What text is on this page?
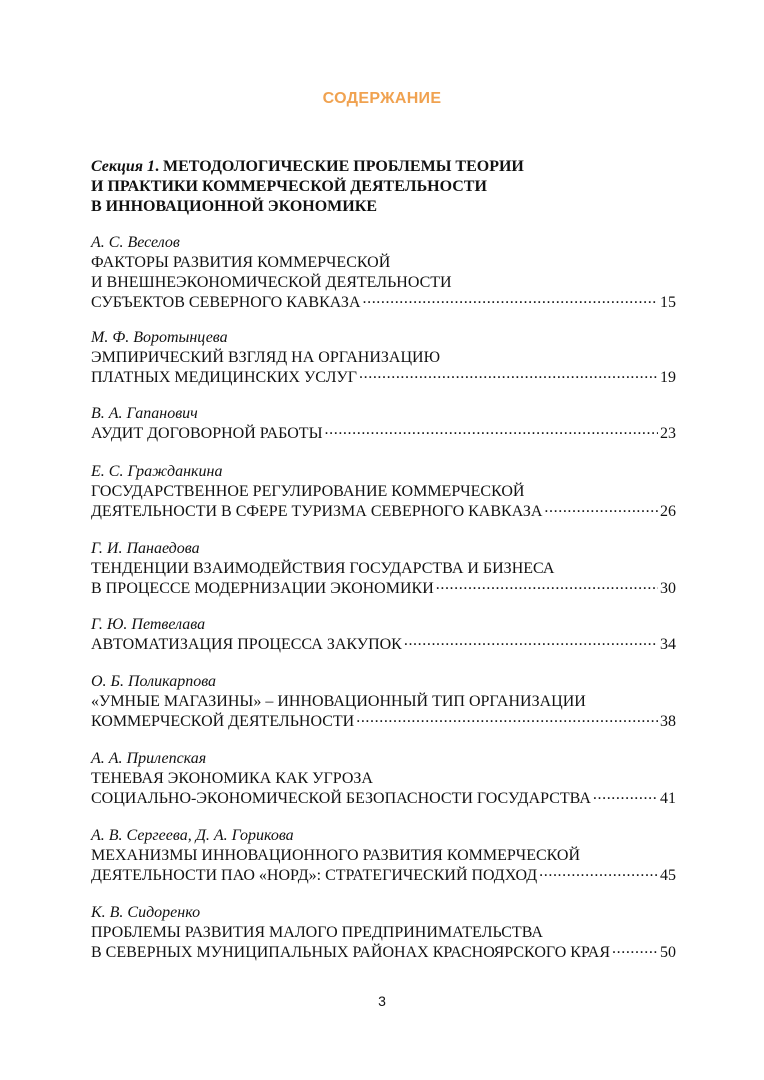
СОДЕРЖАНИЕ
Секция 1. МЕТОДОЛОГИЧЕСКИЕ ПРОБЛЕМЫ ТЕОРИИ
И ПРАКТИКИ КОММЕРЧЕСКОЙ ДЕЯТЕЛЬНОСТИ
В ИННОВАЦИОННОЙ ЭКОНОМИКЕ
А. С. Веселов
ФАКТОРЫ РАЗВИТИЯ КОММЕРЧЕСКОЙ
И ВНЕШНЕЭКОНОМИЧЕСКОЙ ДЕЯТЕЛЬНОСТИ
СУБЪЕКТОВ СЕВЕРНОГО КАВКАЗА .....	15
М. Ф. Воротынцева
ЭМПИРИЧЕСКИЙ ВЗГЛЯД НА ОРГАНИЗАЦИЮ
ПЛАТНЫХ МЕДИЦИНСКИХ УСЛУГ .....	19
В. А. Гапанович
АУДИТ ДОГОВОРНОЙ РАБОТЫ .....	23
Е. С. Гражданкина
ГОСУДАРСТВЕННОЕ РЕГУЛИРОВАНИЕ КОММЕРЧЕСКОЙ
ДЕЯТЕЛЬНОСТИ В СФЕРЕ ТУРИЗМА СЕВЕРНОГО КАВКАЗА .....	26
Г. И. Панаедова
ТЕНДЕНЦИИ ВЗАИМОДЕЙСТВИЯ ГОСУДАРСТВА И БИЗНЕСА
В ПРОЦЕССЕ МОДЕРНИЗАЦИИ ЭКОНОМИКИ .....	30
Г. Ю. Петвелава
АВТОМАТИЗАЦИЯ ПРОЦЕССА ЗАКУПОК .....	34
О. Б. Поликарпова
«УМНЫЕ МАГАЗИНЫ» – ИННОВАЦИОННЫЙ ТИП ОРГАНИЗАЦИИ
КОММЕРЧЕСКОЙ ДЕЯТЕЛЬНОСТИ .....	38
А. А. Прилепская
ТЕНЕВАЯ ЭКОНОМИКА КАК УГРОЗА
СОЦИАЛЬНО-ЭКОНОМИЧЕСКОЙ БЕЗОПАСНОСТИ ГОСУДАРСТВА .....	41
А. В. Сергеева, Д. А. Горикова
МЕХАНИЗМЫ ИННОВАЦИОННОГО РАЗВИТИЯ КОММЕРЧЕСКОЙ
ДЕЯТЕЛЬНОСТИ ПАО «НОРД»: СТРАТЕГИЧЕСКИЙ ПОДХОД .....	45
К. В. Сидоренко
ПРОБЛЕМЫ РАЗВИТИЯ МАЛОГО ПРЕДПРИНИМАТЕЛЬСТВА
В СЕВЕРНЫХ МУНИЦИПАЛЬНЫХ РАЙОНАХ КРАСНОЯРСКОГО КРАЯ .....	50
3
